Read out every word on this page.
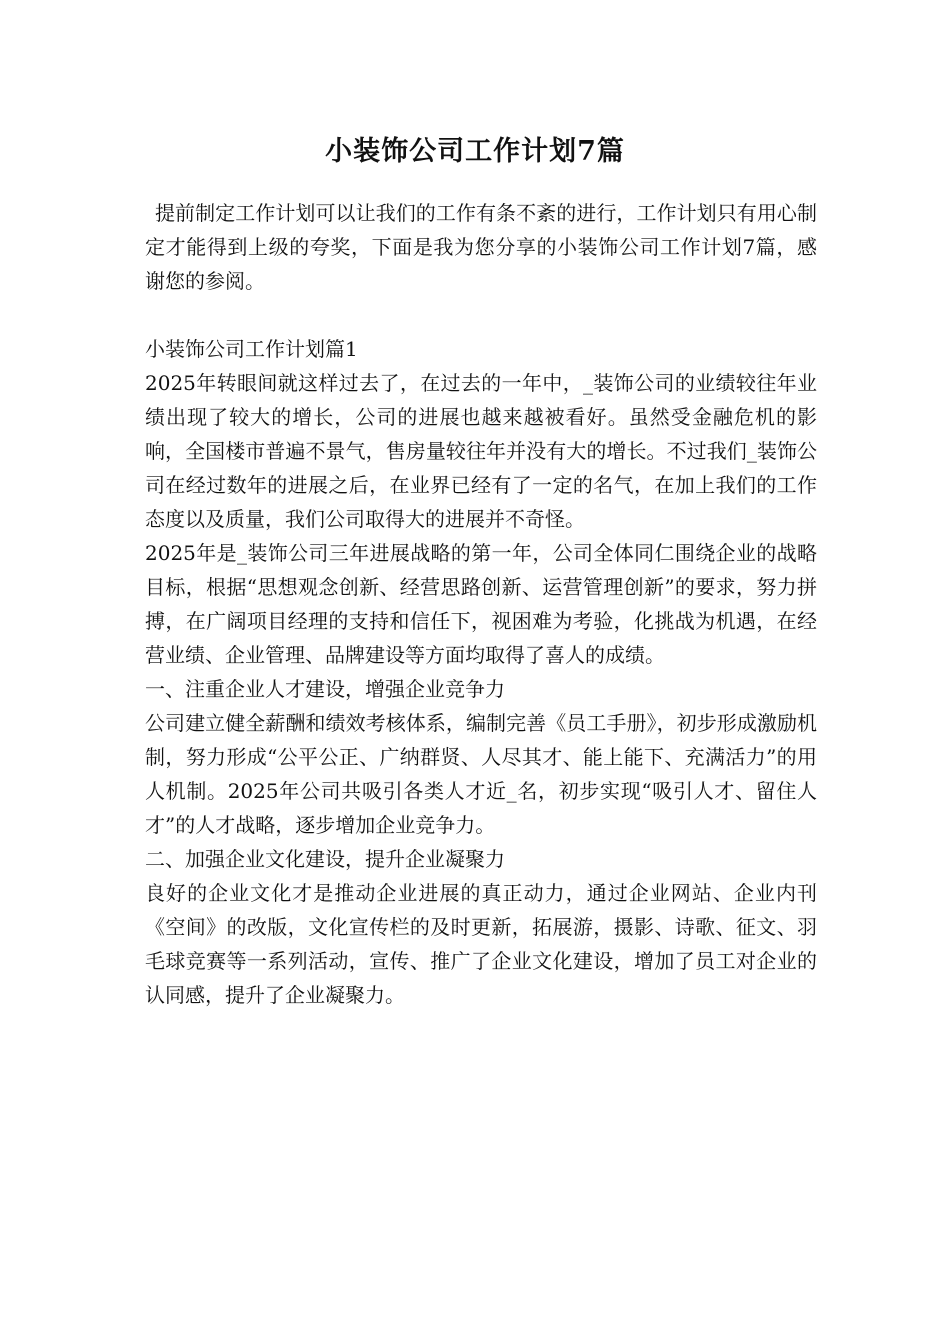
小装饰公司工作计划7篇

提前制定工作计划可以让我们的工作有条不紊的进行，工作计划只有用心制定才能得到上级的夸奖，下面是我为您分享的小装饰公司工作计划7篇，感谢您的参阅。

小装饰公司工作计划篇1

2025年转眼间就这样过去了，在过去的一年中，_装饰公司的业绩较往年业绩出现了较大的增长，公司的进展也越来越被看好。虽然受金融危机的影响，全国楼市普遍不景气，售房量较往年并没有大的增长。不过我们_装饰公司在经过数年的进展之后，在业界已经有了一定的名气，在加上我们的工作态度以及质量，我们公司取得大的进展并不奇怪。

2025年是_装饰公司三年进展战略的第一年，公司全体同仁围绕企业的战略目标，根据“思想观念创新、经营思路创新、运营管理创新”的要求，努力拼搏，在广阔项目经理的支持和信任下，视困难为考验，化挑战为机遇，在经营业绩、企业管理、品牌建设等方面均取得了喜人的成绩。

一、注重企业人才建设，增强企业竞争力

公司建立健全薪酬和绩效考核体系，编制完善《员工手册》，初步形成激励机制，努力形成“公平公正、广纳群贤、人尽其才、能上能下、充满活力”的用人机制。2025年公司共吸引各类人才近_名，初步实现“吸引人才、留住人才”的人才战略，逐步增加企业竞争力。

二、加强企业文化建设，提升企业凝聚力

良好的企业文化才是推动企业进展的真正动力，通过企业网站、企业内刊《空间》的改版，文化宣传栏的及时更新，拓展游，摄影、诗歌、征文、羽毛球竞赛等一系列活动，宣传、推广了企业文化建设，增加了员工对企业的认同感，提升了企业凝聚力。
